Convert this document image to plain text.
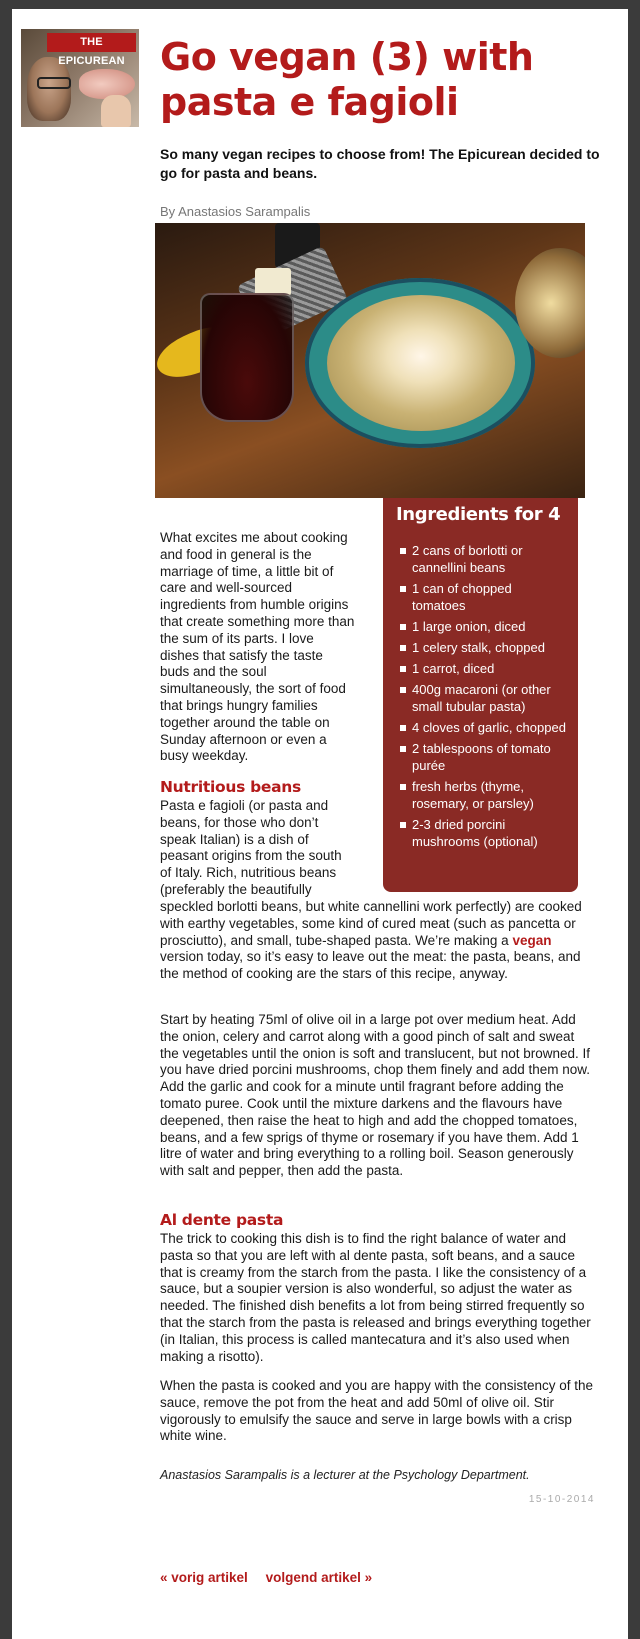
THE EPICUREAN Go vegan (3) with pasta e fagioli

So many vegan recipes to choose from! The Epicurean decided to go for pasta and beans.

By Anastasios Sarampalis

Ingredients for 4
2 cans of borlotti or cannellini beans
1 can of chopped tomatoes
1 large onion, diced
1 celery stalk, chopped
1 carrot, diced
400g macaroni (or other small tubular pasta)
4 cloves of garlic, chopped
2 tablespoons of tomato purée
fresh herbs (thyme, rosemary, or parsley)
2-3 dried porcini mushrooms (optional)

What excites me about cooking and food in general is the marriage of time, a little bit of care and well-sourced ingredients from humble origins that create something more than the sum of its parts. I love dishes that satisfy the taste buds and the soul simultaneously, the sort of food that brings hungry families together around the table on Sunday afternoon or even a busy weekday.

Nutritious beans

Pasta e fagioli (or pasta and beans, for those who don’t speak Italian) is a dish of peasant origins from the south of Italy. Rich, nutritious beans (preferably the beautifully

speckled borlotti beans, but white cannellini work perfectly) are cooked with earthy vegetables, some kind of cured meat (such as pancetta or prosciutto), and small, tube-shaped pasta. We’re making a vegan version today, so it’s easy to leave out the meat: the pasta, beans, and the method of cooking are the stars of this recipe, anyway.

Start by heating 75ml of olive oil in a large pot over medium heat. Add the onion, celery and carrot along with a good pinch of salt and sweat the vegetables until the onion is soft and translucent, but not browned. If you have dried porcini mushrooms, chop them finely and add them now. Add the garlic and cook for a minute until fragrant before adding the tomato puree. Cook until the mixture darkens and the flavours have deepened, then raise the heat to high and add the chopped tomatoes, beans, and a few sprigs of thyme or rosemary if you have them. Add 1 litre of water and bring everything to a rolling boil. Season generously with salt and pepper, then add the pasta.

Al dente pasta

The trick to cooking this dish is to find the right balance of water and pasta so that you are left with al dente pasta, soft beans, and a sauce that is creamy from the starch from the pasta. I like the consistency of a sauce, but a soupier version is also wonderful, so adjust the water as needed. The finished dish benefits a lot from being stirred frequently so that the starch from the pasta is released and brings everything together (in Italian, this process is called mantecatura and it’s also used when making a risotto).

When the pasta is cooked and you are happy with the consistency of the sauce, remove the pot from the heat and add 50ml of olive oil. Stir vigorously to emulsify the sauce and serve in large bowls with a crisp white wine.

Anastasios Sarampalis is a lecturer at the Psychology Department.

15-10-2014
« vorig artikel volgend artikel »
